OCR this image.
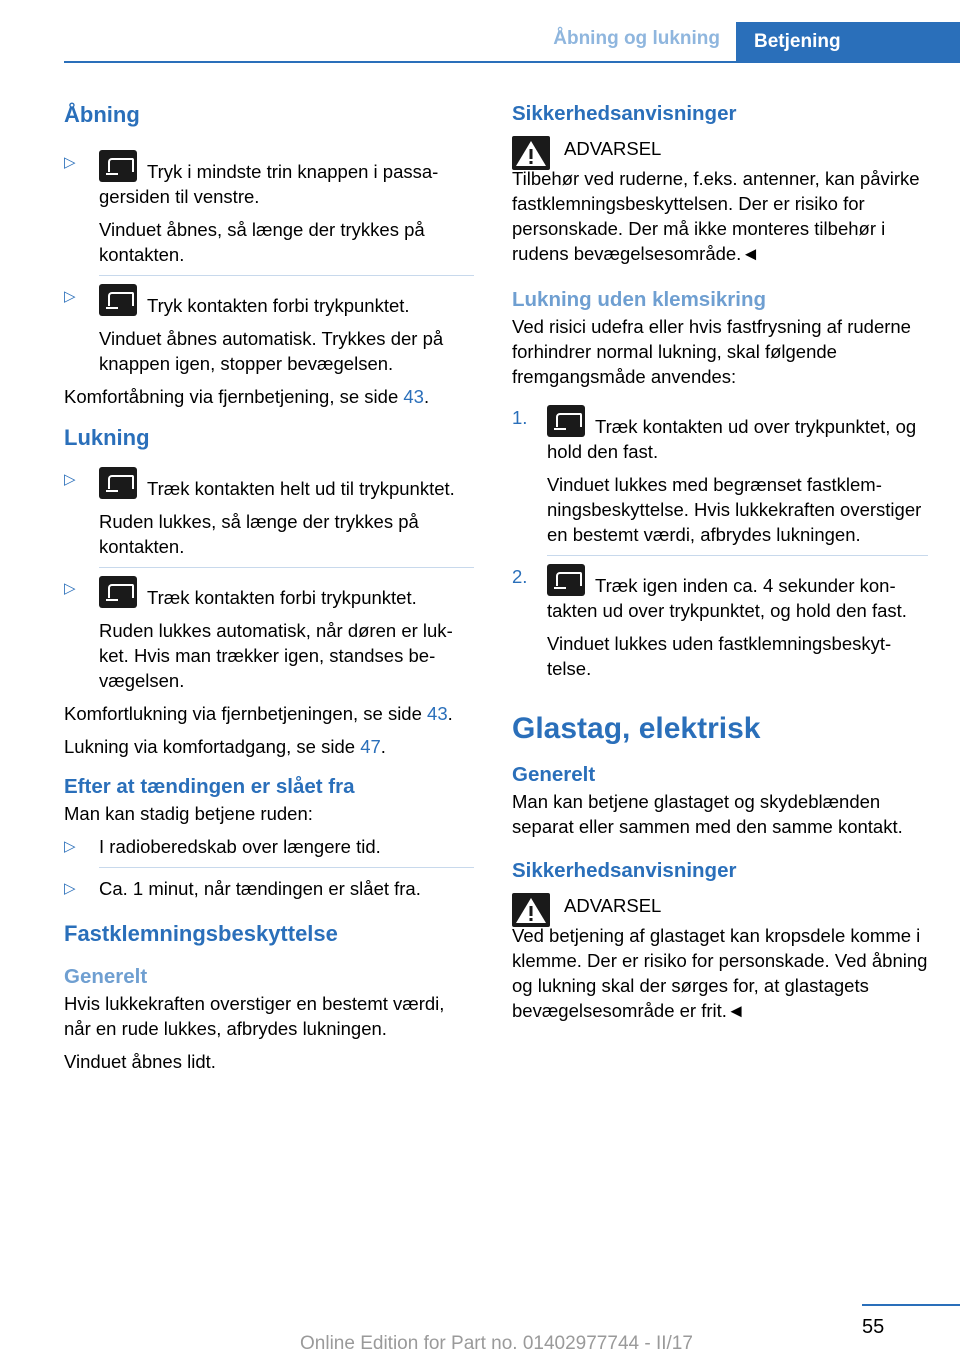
Åbning og lukning Betjening
Åbning
▷	Tryk i mindste trin knappen i passagersiden til venstre.

Vinduet åbnes, så længe der trykkes på kontakten.

▷	Tryk kontakten forbi trykpunktet.

Vinduet åbnes automatisk. Trykkes der på knappen igen, stopper bevægelsen.

Komfortåbning via fjernbetjening, se side 43.

Lukning
▷	Træk kontakten helt ud til trykpunktet.

Ruden lukkes, så længe der trykkes på kontakten.

▷	Træk kontakten forbi trykpunktet.

Ruden lukkes automatisk, når døren er lukket. Hvis man trækker igen, standses bevægelsen.

Komfortlukning via fjernbetjeningen, se side 43.

Lukning via komfortadgang, se side 47.

Efter at tændingen er slået fra

Man kan stadig betjene ruden:

▷ I radioberedskab over længere tid.

▷ Ca. 1 minut, når tændingen er slået fra.

Fastklemningsbeskyttelse
Generelt

Hvis lukkekraften overstiger en bestemt værdi, når en rude lukkes, afbrydes lukningen.

Vinduet åbnes lidt.

Sikkerhedsanvisninger

ADVARSEL

Tilbehør ved ruderne, f.eks. antenner, kan påvirke fastklemningsbeskyttelsen. Der er risiko for personskade. Der må ikke monteres tilbehør i rudens bevægelsesområde.◄

Lukning uden klemsikring

Ved risici udefra eller hvis fastfrysning af ruderne forhindrer normal lukning, skal følgende fremgangsmåde anvendes:

1.	Træk kontakten ud over trykpunktet, og hold den fast.

Vinduet lukkes med begrænset fastklemningsbeskyttelse. Hvis lukkekraften overstiger en bestemt værdi, afbrydes lukningen.

2.	Træk igen inden ca. 4 sekunder kontakten ud over trykpunktet, og hold den fast.

Vinduet lukkes uden fastklemningsbeskyttelse.

Glastag, elektrisk
Generelt

Man kan betjene glastaget og skydeblænden separat eller sammen med den samme kontakt.

Sikkerhedsanvisninger

ADVARSEL

Ved betjening af glastaget kan kropsdele komme i klemme. Der er risiko for personskade. Ved åbning og lukning skal der sørges for, at glastagets bevægelsesområde er frit.◄

55
Online Edition for Part no. 01402977744 - II/17
